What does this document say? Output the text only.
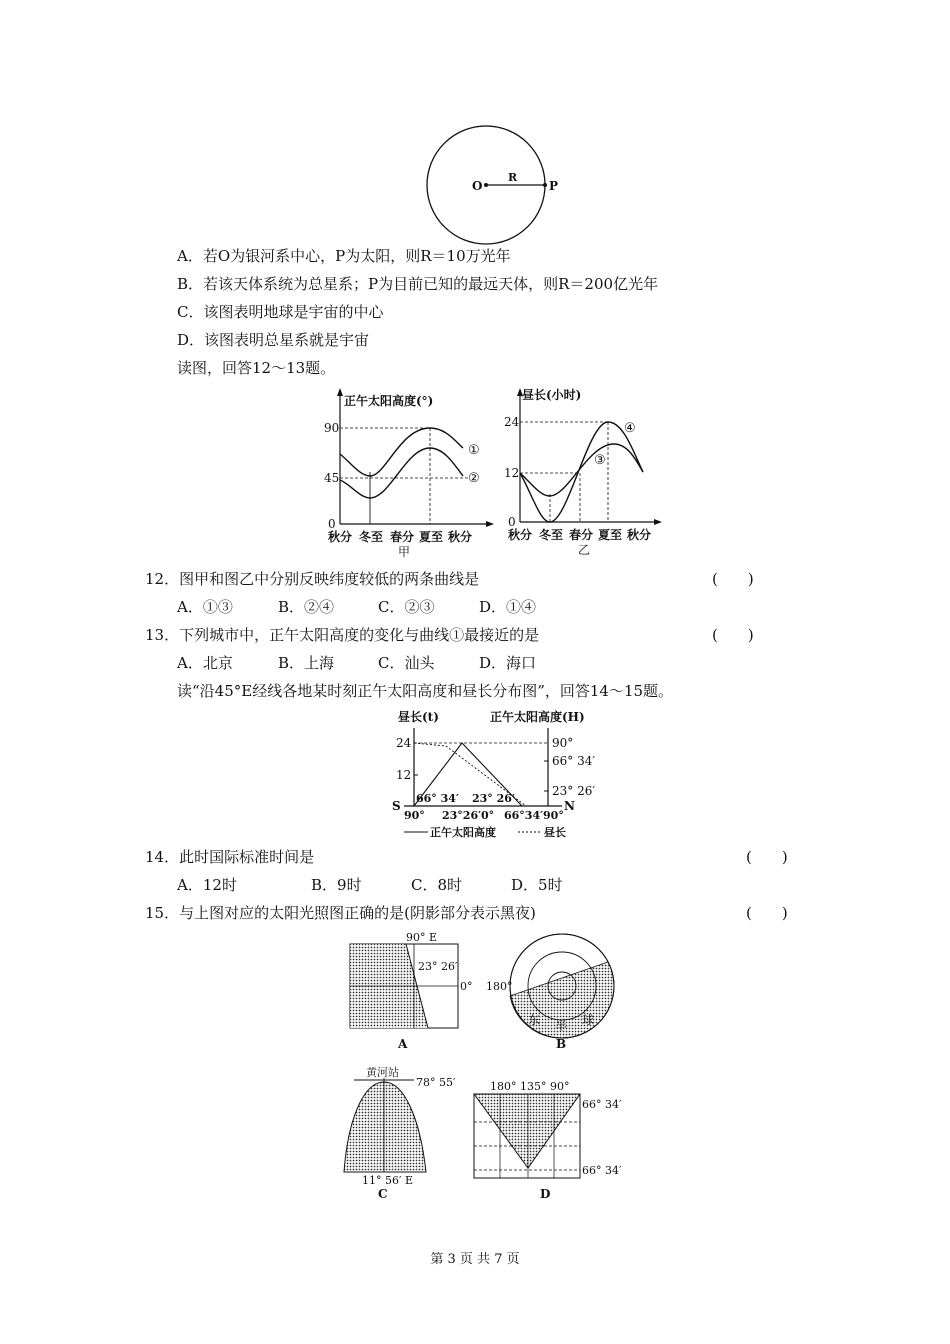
O
R
P
A．若O为银河系中心，P为太阳，则R＝10万光年
B．若该天体系统为总星系；P为目前已知的最远天体，则R＝200亿光年
C．该图表明地球是宇宙的中心
D．该图表明总星系就是宇宙
读图，回答12～13题。
正午太阳高度(°)
90
45
0
①
②
秋分 冬至 春分 夏至 秋分
甲
昼长(小时)
24
12
0
④
③
秋分 冬至 春分 夏至 秋分
乙
12．图甲和图乙中分别反映纬度较低的两条曲线是	(　　)
A．①③	B．②④	C．②③	D．①④
13．下列城市中，正午太阳高度的变化与曲线①最接近的是	(　　)
A．北京	B．上海	C．汕头	D．海口
读“沿45°E经线各地某时刻正午太阳高度和昼长分布图”，回答14～15题。
昼长(t)	正午太阳高度(H)
24
12
90°
66° 34′
23° 26′
66° 34′ 23° 26′
S	N
90° 23°26′0° 66°34′90°
正午太阳高度	昼长
14．此时国际标准时间是	(　　)
A．12时	B．9时	C．8时	D．5时
15．与上图对应的太阳光照图正确的是(阴影部分表示黑夜)	(　　)
90° E
23° 26′
0°
A
180°
东 半 球
B
黄河站
78° 55′
11° 56′ E
C
180° 135° 90°
66° 34′
66° 34′
D
第 3 页 共 7 页
